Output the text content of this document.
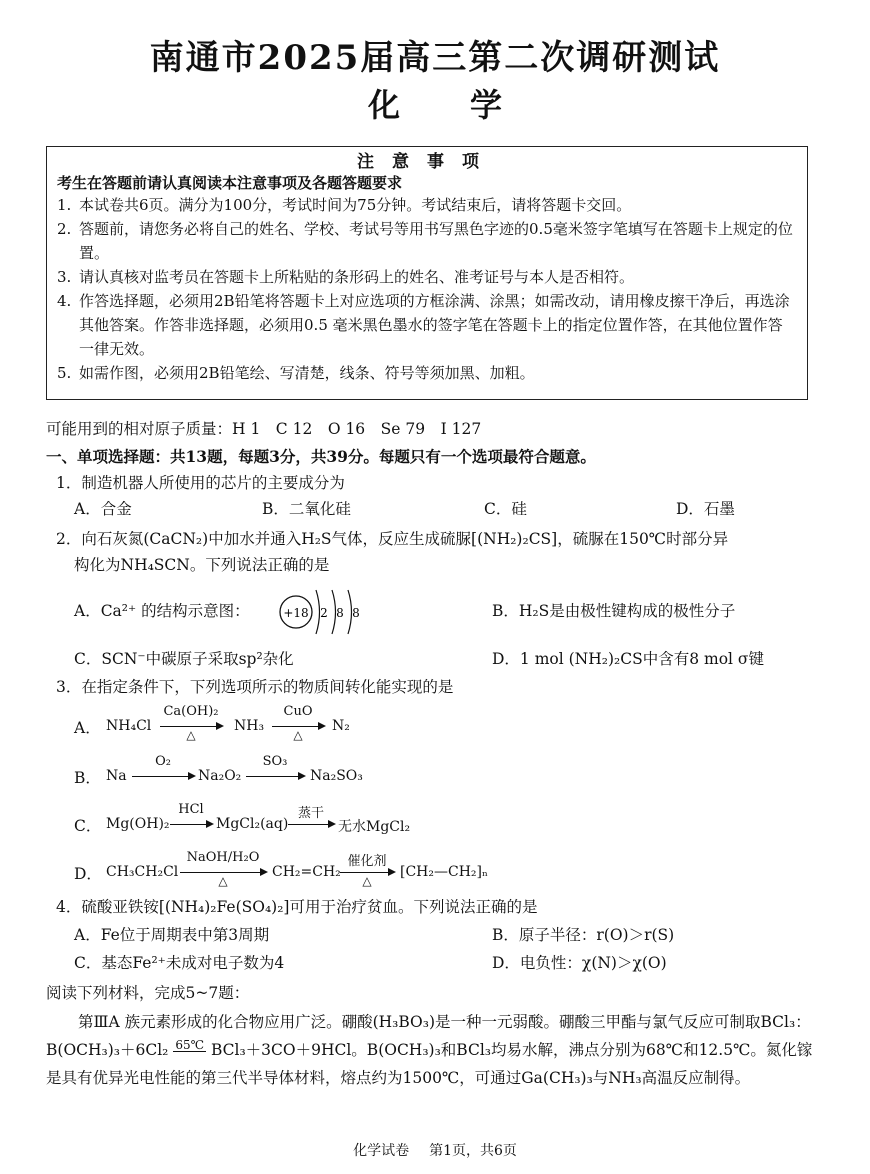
南通市2025届高三第二次调研测试
化学
注意事项
考生在答题前请认真阅读本注意事项及各题答题要求
1. 本试卷共6页。满分为100分，考试时间为75分钟。考试结束后，请将答题卡交回。
2. 答题前，请您务必将自己的姓名、学校、考试号等用书写黑色字迹的0.5毫米签字笔填写在答题卡上规定的位置。
3. 请认真核对监考员在答题卡上所粘贴的条形码上的姓名、准考证号与本人是否相符。
4. 作答选择题，必须用2B铅笔将答题卡上对应选项的方框涂满、涂黑；如需改动，请用橡皮擦干净后，再选涂其他答案。作答非选择题，必须用0.5 毫米黑色墨水的签字笔在答题卡上的指定位置作答，在其他位置作答一律无效。
5. 如需作图，必须用2B铅笔绘、写清楚，线条、符号等须加黑、加粗。
可能用到的相对原子质量：H 1　C 12　O 16　Se 79　I 127
一、单项选择题：共13题，每题3分，共39分。每题只有一个选项最符合题意。
1．制造机器人所使用的芯片的主要成分为
A．合金	B．二氧化硅	C．硅	D．石墨
2．向石灰氮(CaCN₂)中加水并通入H₂S气体，反应生成硫脲[(NH₂)₂CS]，硫脲在150℃时部分异
构化为NH₄SCN。下列说法正确的是
A．Ca²⁺ 的结构示意图：	+18 2 8 8	B．H₂S是由极性键构成的极性分子
C．SCN⁻中碳原子采取sp²杂化	D．1 mol (NH₂)₂CS中含有8 mol σ键
3．在指定条件下，下列选项所示的物质间转化能实现的是
A． NH₄Cl
Ca(OH)₂
△
NH₃
CuO
△
N₂
B． Na
O₂
→ Na₂O₂
SO₃
→ Na₂SO₃
C． Mg(OH)₂
HCl
→ MgCl₂(aq)
蒸干
→ 无水MgCl₂
D． CH₃CH₂Cl
NaOH/H₂O
△
CH₂=CH₂
催化剂
△
[CH₂—CH₂]ₙ
4．硫酸亚铁铵[(NH₄)₂Fe(SO₄)₂]可用于治疗贫血。下列说法正确的是
A．Fe位于周期表中第3周期	B．原子半径：r(O)＞r(S)
C．基态Fe²⁺未成对电子数为4	D．电负性：χ(N)＞χ(O)
阅读下列材料，完成5~7题：
第ⅢA 族元素形成的化合物应用广泛。硼酸(H₃BO₃)是一种一元弱酸。硼酸三甲酯与氯气反应可制取BCl₃：B(OCH₃)₃＋6Cl₂ 65℃ BCl₃＋3CO＋9HCl。B(OCH₃)₃和BCl₃均易水解，沸点分别为68℃和12.5℃。氮化镓是具有优异光电性能的第三代半导体材料，熔点约为1500℃，可通过Ga(CH₃)₃与NH₃高温反应制得。
化学试卷 第1页，共6页
